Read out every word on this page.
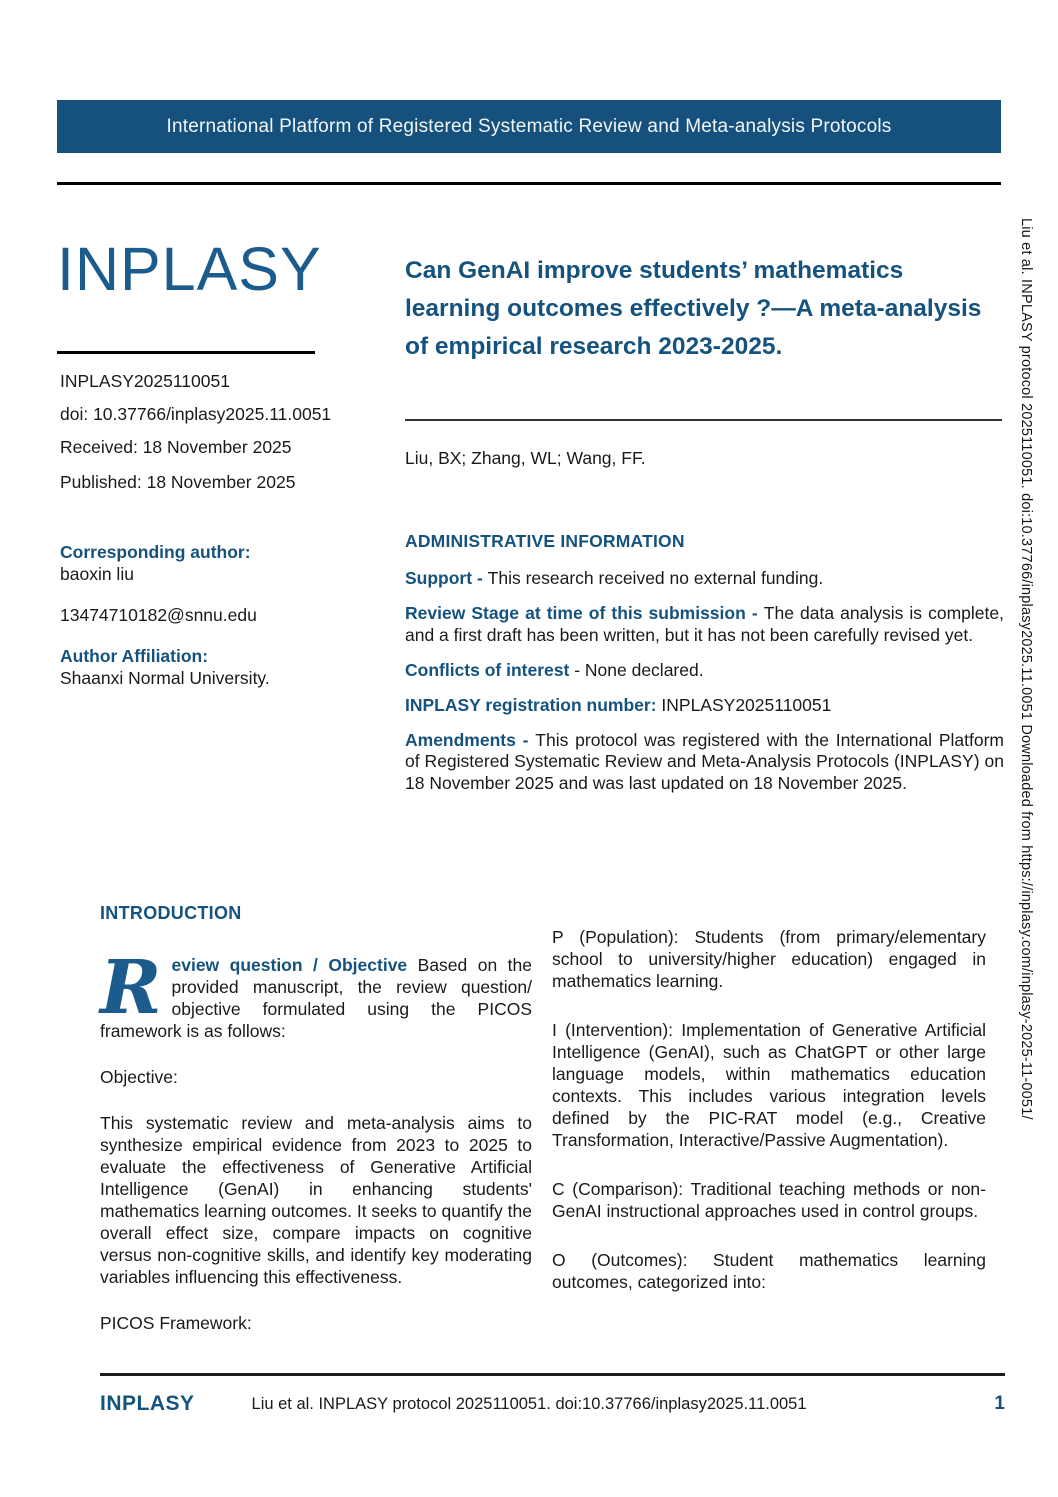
International Platform of Registered Systematic Review and Meta-analysis Protocols
INPLASY

INPLASY2025110051

doi: 10.37766/inplasy2025.11.0051

Received: 18 November 2025

Published: 18 November 2025

Corresponding author:
baoxin liu
13474710182@snnu.edu
Author Affiliation:
Shaanxi Normal University.
Can GenAI improve students’ mathematics learning outcomes effectively ?—A meta-analysis of empirical research 2023-2025.
Liu, BX; Zhang, WL; Wang, FF.
ADMINISTRATIVE INFORMATION

Support - This research received no external funding.

Review Stage at time of this submission - The data analysis is complete, and a first draft has been written, but it has not been carefully revised yet.

Conflicts of interest - None declared.

INPLASY registration number: INPLASY2025110051

Amendments - This protocol was registered with the International Platform of Registered Systematic Review and Meta-Analysis Protocols (INPLASY) on 18 November 2025 and was last updated on 18 November 2025.

INTRODUCTION

Review question / Objective Based on the provided manuscript, the review question/ objective formulated using the PICOS framework is as follows:

Objective:

This systematic review and meta-analysis aims to synthesize empirical evidence from 2023 to 2025 to evaluate the effectiveness of Generative Artificial Intelligence (GenAI) in enhancing students' mathematics learning outcomes. It seeks to quantify the overall effect size, compare impacts on cognitive versus non-cognitive skills, and identify key moderating variables influencing this effectiveness.

PICOS Framework:

P (Population): Students (from primary/elementary school to university/higher education) engaged in mathematics learning.

I (Intervention): Implementation of Generative Artificial Intelligence (GenAI), such as ChatGPT or other large language models, within mathematics education contexts. This includes various integration levels defined by the PIC-RAT model (e.g., Creative Transformation, Interactive/Passive Augmentation).

C (Comparison): Traditional teaching methods or non-GenAI instructional approaches used in control groups.

O (Outcomes): Student mathematics learning outcomes, categorized into:

INPLASY	Liu et al. INPLASY protocol 2025110051. doi:10.37766/inplasy2025.11.0051	1
Liu et al. INPLASY protocol 2025110051. doi:10.37766/inplasy2025.11.0051 Downloaded from https://inplasy.com/inplasy-2025-11-0051/
